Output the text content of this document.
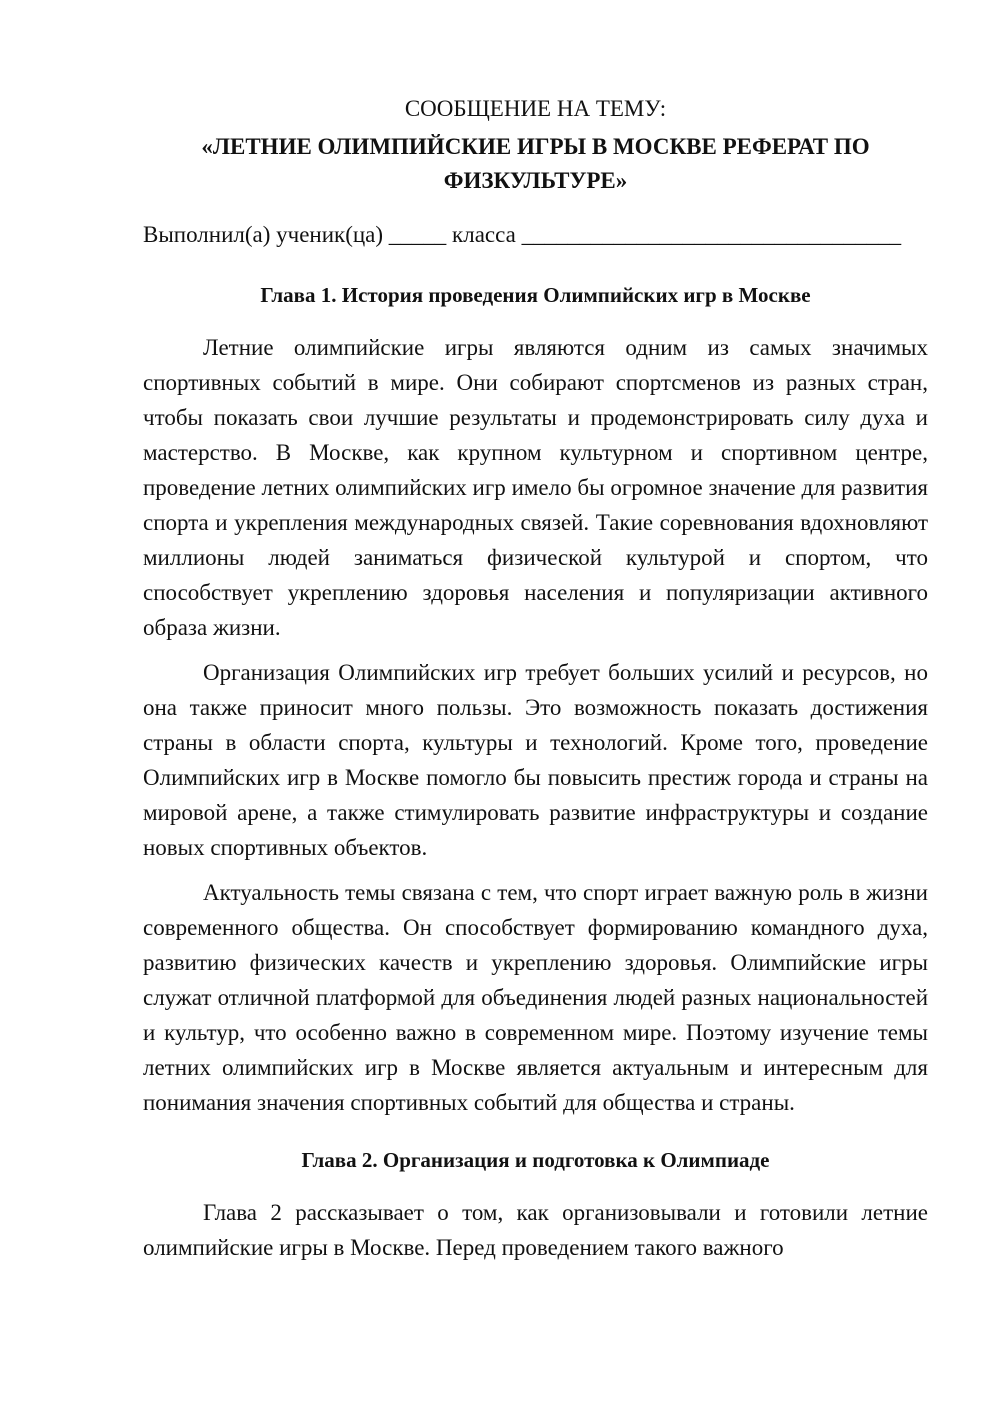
СООБЩЕНИЕ НА ТЕМУ:

«ЛЕТНИЕ ОЛИМПИЙСКИЕ ИГРЫ В МОСКВЕ РЕФЕРАТ ПО ФИЗКУЛЬТУРЕ»

Выполнил(а) ученик(ца) _____ класса _________________________________

Глава 1. История проведения Олимпийских игр в Москве

Летние олимпийские игры являются одним из самых значимых спортивных событий в мире. Они собирают спортсменов из разных стран, чтобы показать свои лучшие результаты и продемонстрировать силу духа и мастерство. В Москве, как крупном культурном и спортивном центре, проведение летних олимпийских игр имело бы огромное значение для развития спорта и укрепления международных связей. Такие соревнования вдохновляют миллионы людей заниматься физической культурой и спортом, что способствует укреплению здоровья населения и популяризации активного образа жизни.

Организация Олимпийских игр требует больших усилий и ресурсов, но она также приносит много пользы. Это возможность показать достижения страны в области спорта, культуры и технологий. Кроме того, проведение Олимпийских игр в Москве помогло бы повысить престиж города и страны на мировой арене, а также стимулировать развитие инфраструктуры и создание новых спортивных объектов.

Актуальность темы связана с тем, что спорт играет важную роль в жизни современного общества. Он способствует формированию командного духа, развитию физических качеств и укреплению здоровья. Олимпийские игры служат отличной платформой для объединения людей разных национальностей и культур, что особенно важно в современном мире. Поэтому изучение темы летних олимпийских игр в Москве является актуальным и интересным для понимания значения спортивных событий для общества и страны.

Глава 2. Организация и подготовка к Олимпиаде

Глава 2 рассказывает о том, как организовывали и готовили летние олимпийские игры в Москве. Перед проведением такого важного
